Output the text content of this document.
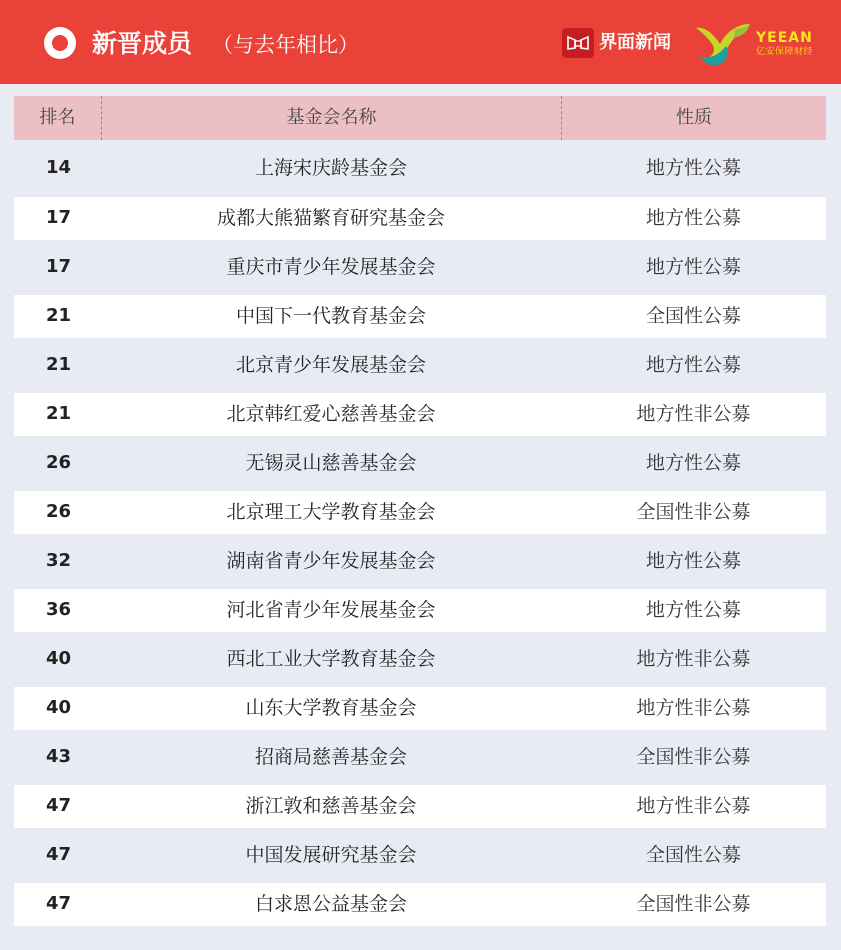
新晋成员 （与去年相比）	界面新闻	YEEAN
亿安保障财经
排名	基金会名称	性质
14	上海宋庆龄基金会	地方性公募
17	成都大熊猫繁育研究基金会	地方性公募
17	重庆市青少年发展基金会	地方性公募
21	中国下一代教育基金会	全国性公募
21	北京青少年发展基金会	地方性公募
21	北京韩红爱心慈善基金会	地方性非公募
26	无锡灵山慈善基金会	地方性公募
26	北京理工大学教育基金会	全国性非公募
32	湖南省青少年发展基金会	地方性公募
36	河北省青少年发展基金会	地方性公募
40	西北工业大学教育基金会	地方性非公募
40	山东大学教育基金会	地方性非公募
43	招商局慈善基金会	全国性非公募
47	浙江敦和慈善基金会	地方性非公募
47	中国发展研究基金会	全国性公募
47	白求恩公益基金会	全国性非公募
